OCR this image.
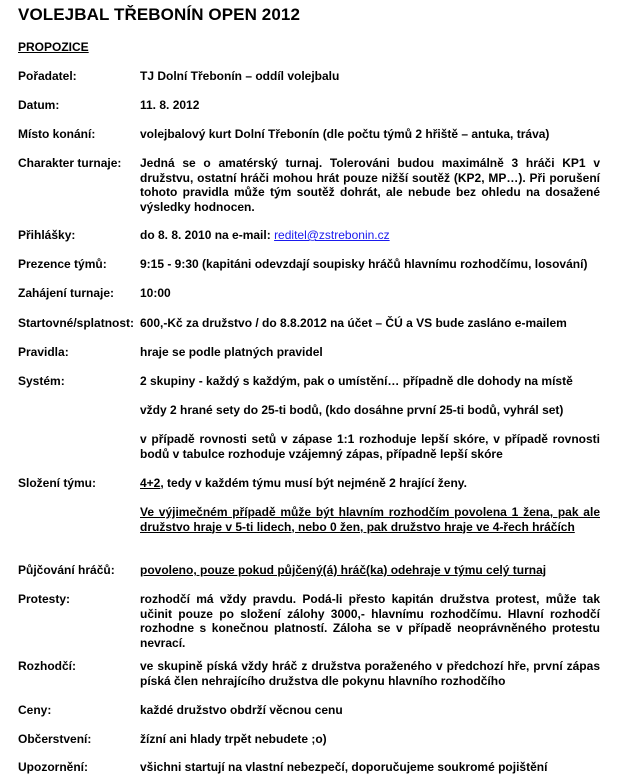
VOLEJBAL TŘEBONÍN OPEN 2012
PROPOZICE
Pořadatel:	TJ Dolní Třebonín – oddíl volejbalu
Datum:	11. 8. 2012
Místo konání:	volejbalový kurt Dolní Třebonín (dle počtu týmů 2 hřiště – antuka, tráva)
Charakter turnaje:	Jedná se o amatérský turnaj. Tolerováni budou maximálně 3 hráči KP1 v družstvu, ostatní hráči mohou hrát pouze nižší soutěž (KP2, MP…). Při porušení tohoto pravidla může tým soutěž dohrát, ale nebude bez ohledu na dosažené výsledky hodnocen.
Přihlášky:	do 8. 8. 2010 na e-mail: reditel@zstrebonin.cz
Prezence týmů:	9:15 - 9:30 (kapitáni odevzdají soupisky hráčů hlavnímu rozhodčímu, losování)
Zahájení turnaje:	10:00
Startovné/splatnost: 600,-Kč za družstvo / do 8.8.2012 na účet – ČÚ a VS bude zasláno e-mailem
Pravidla:	hraje se podle platných pravidel
Systém:	2 skupiny - každý s každým, pak o umístění… případně dle dohody na místě
vždy 2 hrané sety do 25-ti bodů, (kdo dosáhne první 25-ti bodů, vyhrál set)
v případě rovnosti setů v zápase 1:1 rozhoduje lepší skóre, v případě rovnosti bodů v tabulce rozhoduje vzájemný zápas, případně lepší skóre
Složení týmu:	4+2, tedy v každém týmu musí být nejméně 2 hrající ženy.
Ve výjimečném případě může být hlavním rozhodčím povolena 1 žena, pak ale družstvo hraje v 5-ti lidech, nebo 0 žen, pak družstvo hraje ve 4-řech hráčích
Půjčování hráčů:	povoleno, pouze pokud půjčený(á) hráč(ka) odehraje v týmu celý turnaj
Protesty:	rozhodčí má vždy pravdu. Podá-li přesto kapitán družstva protest, může tak učinit pouze po složení zálohy 3000,- hlavnímu rozhodčímu. Hlavní rozhodčí rozhodne s konečnou platností. Záloha se v případě neoprávněného protestu nevrací.
Rozhodčí:	ve skupině píská vždy hráč z družstva poraženého v předchozí hře, první zápas píská člen nehrajícího družstva dle pokynu hlavního rozhodčího
Ceny:	každé družstvo obdrží věcnou cenu
Občerstvení:	žízní ani hlady trpět nebudete ;o)
Upozornění:	všichni startují na vlastní nebezpečí, doporučujeme soukromé pojištění
